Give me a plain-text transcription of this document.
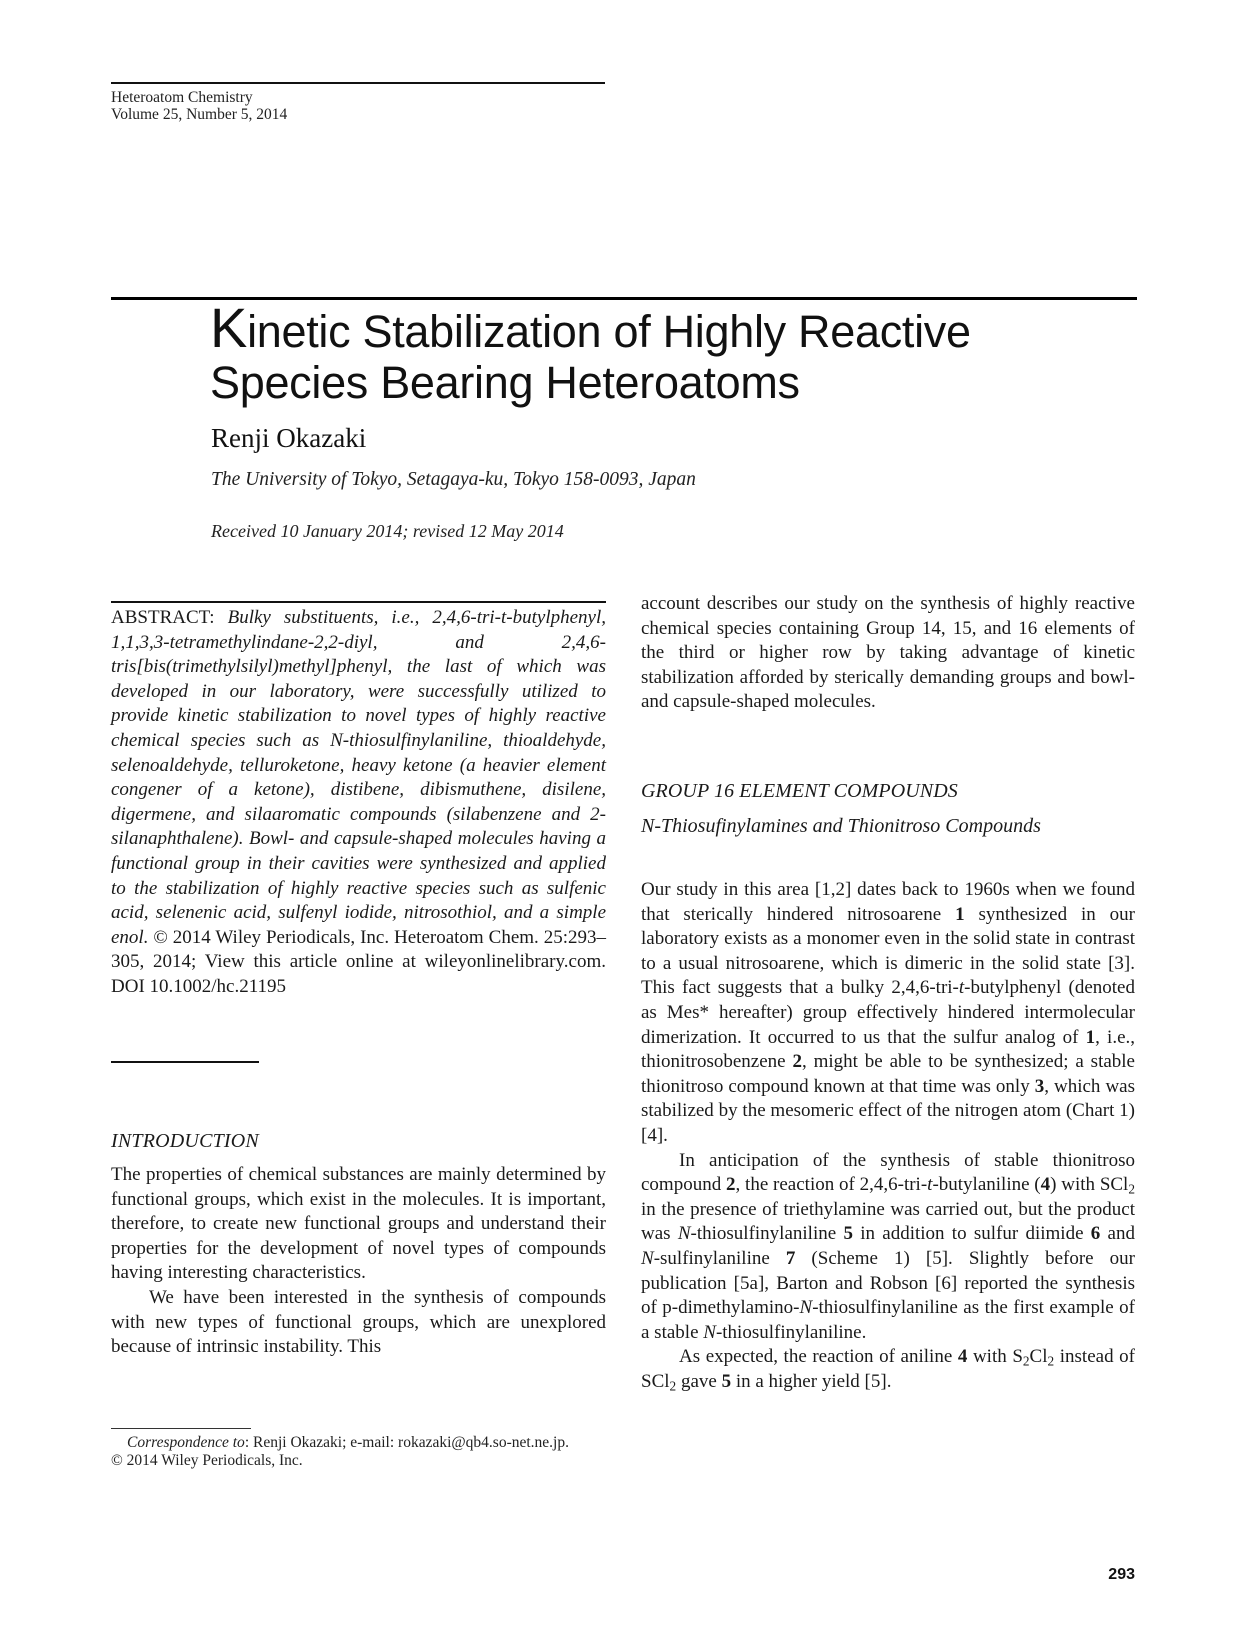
Heteroatom Chemistry
Volume 25, Number 5, 2014
Kinetic Stabilization of Highly Reactive Species Bearing Heteroatoms
Renji Okazaki
The University of Tokyo, Setagaya-ku, Tokyo 158-0093, Japan
Received 10 January 2014; revised 12 May 2014
ABSTRACT: Bulky substituents, i.e., 2,4,6-tri-t-butylphenyl, 1,1,3,3-tetramethylindane-2,2-diyl, and 2,4,6-tris[bis(trimethylsilyl)methyl]phenyl, the last of which was developed in our laboratory, were successfully utilized to provide kinetic stabilization to novel types of highly reactive chemical species such as N-thiosulfinylaniline, thioaldehyde, selenoaldehyde, telluroketone, heavy ketone (a heavier element congener of a ketone), distibene, dibismuthene, disilene, digermene, and silaaromatic compounds (silabenzene and 2-silanaphthalene). Bowl- and capsule-shaped molecules having a functional group in their cavities were synthesized and applied to the stabilization of highly reactive species such as sulfenic acid, selenenic acid, sulfenyl iodide, nitrosothiol, and a simple enol. © 2014 Wiley Periodicals, Inc. Heteroatom Chem. 25:293–305, 2014; View this article online at wileyonlinelibrary.com. DOI 10.1002/hc.21195
INTRODUCTION

The properties of chemical substances are mainly determined by functional groups, which exist in the molecules. It is important, therefore, to create new functional groups and understand their properties for the development of novel types of compounds having interesting characteristics.

We have been interested in the synthesis of compounds with new types of functional groups, which are unexplored because of intrinsic instability. This

Correspondence to: Renji Okazaki; e-mail: rokazaki@qb4.so-net.ne.jp.
© 2014 Wiley Periodicals, Inc.

account describes our study on the synthesis of highly reactive chemical species containing Group 14, 15, and 16 elements of the third or higher row by taking advantage of kinetic stabilization afforded by sterically demanding groups and bowl- and capsule-shaped molecules.

GROUP 16 ELEMENT COMPOUNDS
N-Thiosufinylamines and Thionitroso Compounds

Our study in this area [1,2] dates back to 1960s when we found that sterically hindered nitrosoarene 1 synthesized in our laboratory exists as a monomer even in the solid state in contrast to a usual nitrosoarene, which is dimeric in the solid state [3]. This fact suggests that a bulky 2,4,6-tri-t-butylphenyl (denoted as Mes* hereafter) group effectively hindered intermolecular dimerization. It occurred to us that the sulfur analog of 1, i.e., thionitrosobenzene 2, might be able to be synthesized; a stable thionitroso compound known at that time was only 3, which was stabilized by the mesomeric effect of the nitrogen atom (Chart 1) [4].

In anticipation of the synthesis of stable thionitroso compound 2, the reaction of 2,4,6-tri-t-butylaniline (4) with SCl$_2$ in the presence of triethylamine was carried out, but the product was N-thiosulfinylaniline 5 in addition to sulfur diimide 6 and N-sulfinylaniline 7 (Scheme 1) [5]. Slightly before our publication [5a], Barton and Robson [6] reported the synthesis of p-dimethylamino-N-thiosulfinylaniline as the first example of a stable N-thiosulfinylaniline.

As expected, the reaction of aniline 4 with $S_2Cl_2$ instead of SCl$_2$ gave 5 in a higher yield [5].

293
